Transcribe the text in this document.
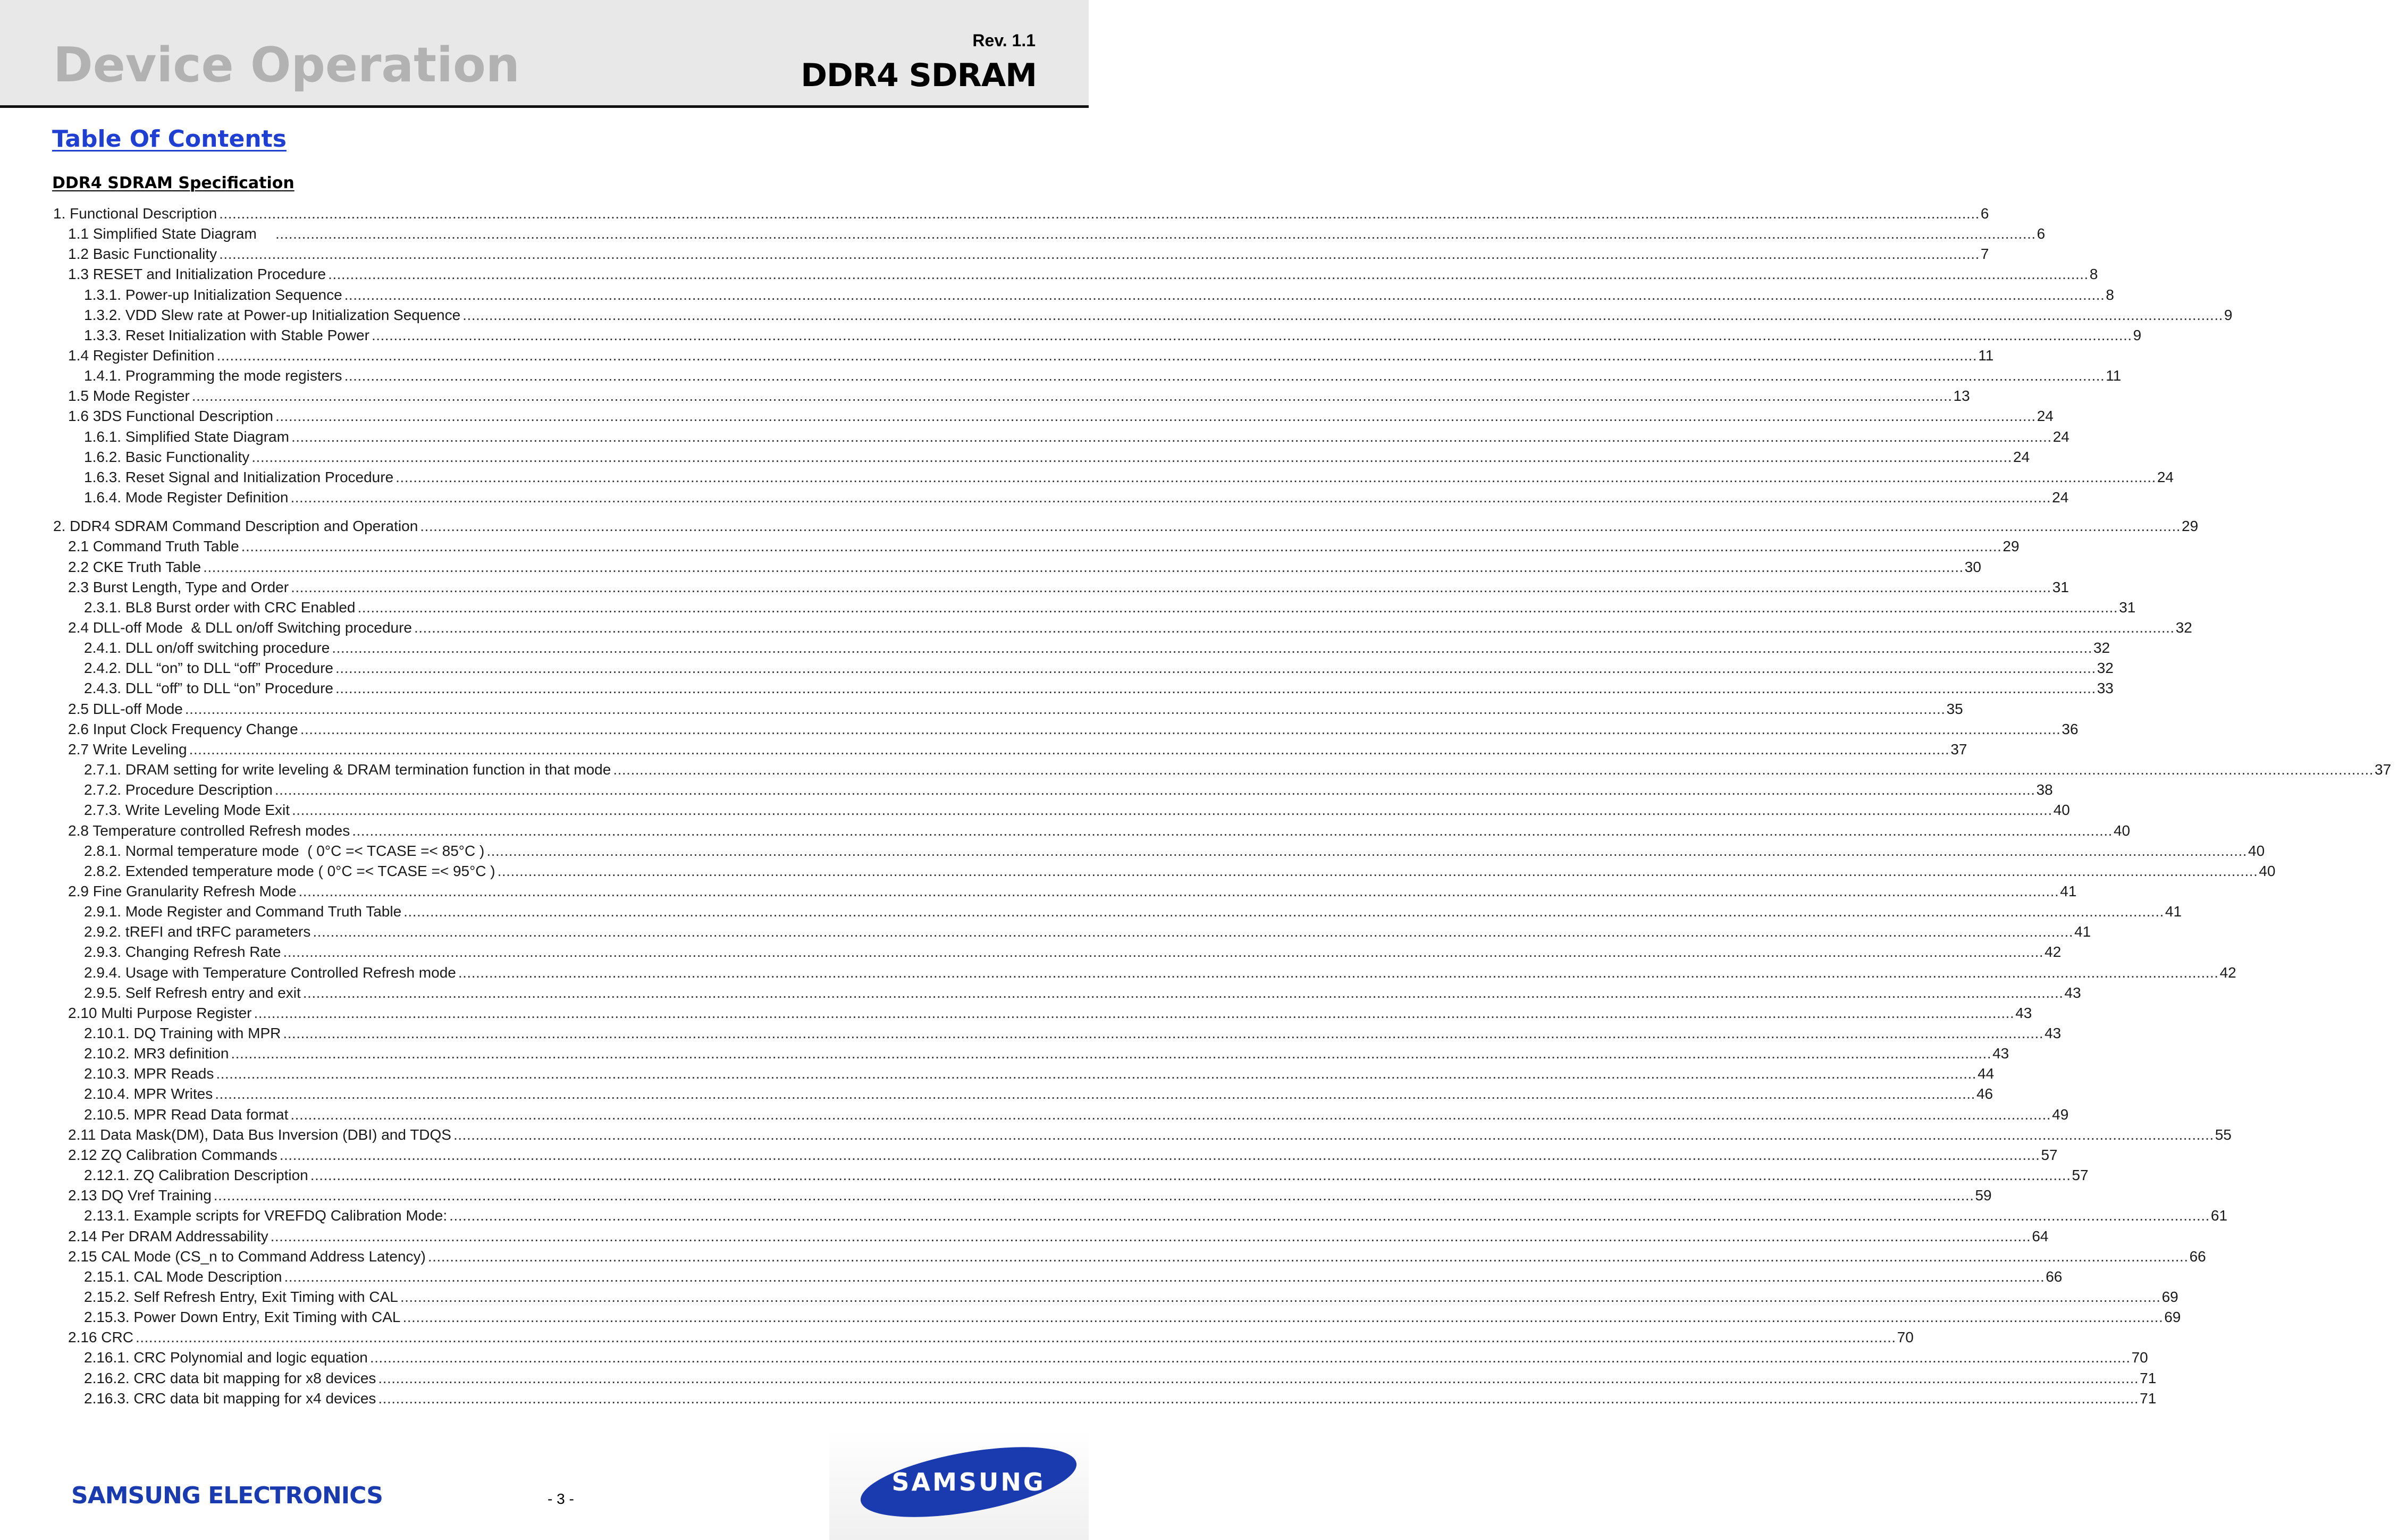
Device Operation	Rev. 1.1
DDR4 SDRAM
Table Of Contents
DDR4 SDRAM Specification
1. Functional Description ................................................................................................................................................................................................................................................................................................................................................................................................................ 6
1.1 Simplified State Diagram ................................................................................................................................................................................................................................................................................................................................................................................................................ 6
1.2 Basic Functionality ................................................................................................................................................................................................................................................................................................................................................................................................................ 7
1.3 RESET and Initialization Procedure ................................................................................................................................................................................................................................................................................................................................................................................................................ 8
1.3.1. Power-up Initialization Sequence ................................................................................................................................................................................................................................................................................................................................................................................................................ 8
1.3.2. VDD Slew rate at Power-up Initialization Sequence ................................................................................................................................................................................................................................................................................................................................................................................................................ 9
1.3.3. Reset Initialization with Stable Power ................................................................................................................................................................................................................................................................................................................................................................................................................ 9
1.4 Register Definition ................................................................................................................................................................................................................................................................................................................................................................................................................ 11
1.4.1. Programming the mode registers ................................................................................................................................................................................................................................................................................................................................................................................................................ 11
1.5 Mode Register ................................................................................................................................................................................................................................................................................................................................................................................................................ 13
1.6 3DS Functional Description ................................................................................................................................................................................................................................................................................................................................................................................................................ 24
1.6.1. Simplified State Diagram ................................................................................................................................................................................................................................................................................................................................................................................................................ 24
1.6.2. Basic Functionality ................................................................................................................................................................................................................................................................................................................................................................................................................ 24
1.6.3. Reset Signal and Initialization Procedure ................................................................................................................................................................................................................................................................................................................................................................................................................ 24
1.6.4. Mode Register Definition ................................................................................................................................................................................................................................................................................................................................................................................................................ 24
2. DDR4 SDRAM Command Description and Operation ................................................................................................................................................................................................................................................................................................................................................................................................................ 29
2.1 Command Truth Table ................................................................................................................................................................................................................................................................................................................................................................................................................ 29
2.2 CKE Truth Table ................................................................................................................................................................................................................................................................................................................................................................................................................ 30
2.3 Burst Length, Type and Order ................................................................................................................................................................................................................................................................................................................................................................................................................ 31
2.3.1. BL8 Burst order with CRC Enabled ................................................................................................................................................................................................................................................................................................................................................................................................................ 31
2.4 DLL-off Mode  & DLL on/off Switching procedure ................................................................................................................................................................................................................................................................................................................................................................................................................ 32
2.4.1. DLL on/off switching procedure ................................................................................................................................................................................................................................................................................................................................................................................................................ 32
2.4.2. DLL “on” to DLL “off” Procedure ................................................................................................................................................................................................................................................................................................................................................................................................................ 32
2.4.3. DLL “off” to DLL “on” Procedure ................................................................................................................................................................................................................................................................................................................................................................................................................ 33
2.5 DLL-off Mode ................................................................................................................................................................................................................................................................................................................................................................................................................ 35
2.6 Input Clock Frequency Change ................................................................................................................................................................................................................................................................................................................................................................................................................ 36
2.7 Write Leveling ................................................................................................................................................................................................................................................................................................................................................................................................................ 37
2.7.1. DRAM setting for write leveling & DRAM termination function in that mode ................................................................................................................................................................................................................................................................................................................................................................................................................ 37
2.7.2. Procedure Description ................................................................................................................................................................................................................................................................................................................................................................................................................ 38
2.7.3. Write Leveling Mode Exit ................................................................................................................................................................................................................................................................................................................................................................................................................ 40
2.8 Temperature controlled Refresh modes ................................................................................................................................................................................................................................................................................................................................................................................................................ 40
2.8.1. Normal temperature mode  ( 0°C =< TCASE =< 85°C ) ................................................................................................................................................................................................................................................................................................................................................................................................................ 40
2.8.2. Extended temperature mode ( 0°C =< TCASE =< 95°C ) ................................................................................................................................................................................................................................................................................................................................................................................................................ 40
2.9 Fine Granularity Refresh Mode ................................................................................................................................................................................................................................................................................................................................................................................................................ 41
2.9.1. Mode Register and Command Truth Table ................................................................................................................................................................................................................................................................................................................................................................................................................ 41
2.9.2. tREFI and tRFC parameters ................................................................................................................................................................................................................................................................................................................................................................................................................ 41
2.9.3. Changing Refresh Rate ................................................................................................................................................................................................................................................................................................................................................................................................................ 42
2.9.4. Usage with Temperature Controlled Refresh mode ................................................................................................................................................................................................................................................................................................................................................................................................................ 42
2.9.5. Self Refresh entry and exit ................................................................................................................................................................................................................................................................................................................................................................................................................ 43
2.10 Multi Purpose Register ................................................................................................................................................................................................................................................................................................................................................................................................................ 43
2.10.1. DQ Training with MPR ................................................................................................................................................................................................................................................................................................................................................................................................................ 43
2.10.2. MR3 definition ................................................................................................................................................................................................................................................................................................................................................................................................................ 43
2.10.3. MPR Reads ................................................................................................................................................................................................................................................................................................................................................................................................................ 44
2.10.4. MPR Writes ................................................................................................................................................................................................................................................................................................................................................................................................................ 46
2.10.5. MPR Read Data format ................................................................................................................................................................................................................................................................................................................................................................................................................ 49
2.11 Data Mask(DM), Data Bus Inversion (DBI) and TDQS ................................................................................................................................................................................................................................................................................................................................................................................................................ 55
2.12 ZQ Calibration Commands ................................................................................................................................................................................................................................................................................................................................................................................................................ 57
2.12.1. ZQ Calibration Description ................................................................................................................................................................................................................................................................................................................................................................................................................ 57
2.13 DQ Vref Training ................................................................................................................................................................................................................................................................................................................................................................................................................ 59
2.13.1. Example scripts for VREFDQ Calibration Mode: ................................................................................................................................................................................................................................................................................................................................................................................................................ 61
2.14 Per DRAM Addressability ................................................................................................................................................................................................................................................................................................................................................................................................................ 64
2.15 CAL Mode (CS_n to Command Address Latency) ................................................................................................................................................................................................................................................................................................................................................................................................................ 66
2.15.1. CAL Mode Description ................................................................................................................................................................................................................................................................................................................................................................................................................ 66
2.15.2. Self Refresh Entry, Exit Timing with CAL ................................................................................................................................................................................................................................................................................................................................................................................................................ 69
2.15.3. Power Down Entry, Exit Timing with CAL ................................................................................................................................................................................................................................................................................................................................................................................................................ 69
2.16 CRC ................................................................................................................................................................................................................................................................................................................................................................................................................ 70
2.16.1. CRC Polynomial and logic equation ................................................................................................................................................................................................................................................................................................................................................................................................................ 70
2.16.2. CRC data bit mapping for x8 devices ................................................................................................................................................................................................................................................................................................................................................................................................................ 71
2.16.3. CRC data bit mapping for x4 devices ................................................................................................................................................................................................................................................................................................................................................................................................................ 71
SAMSUNG ELECTRONICS	- 3 -
SAMSUNG
